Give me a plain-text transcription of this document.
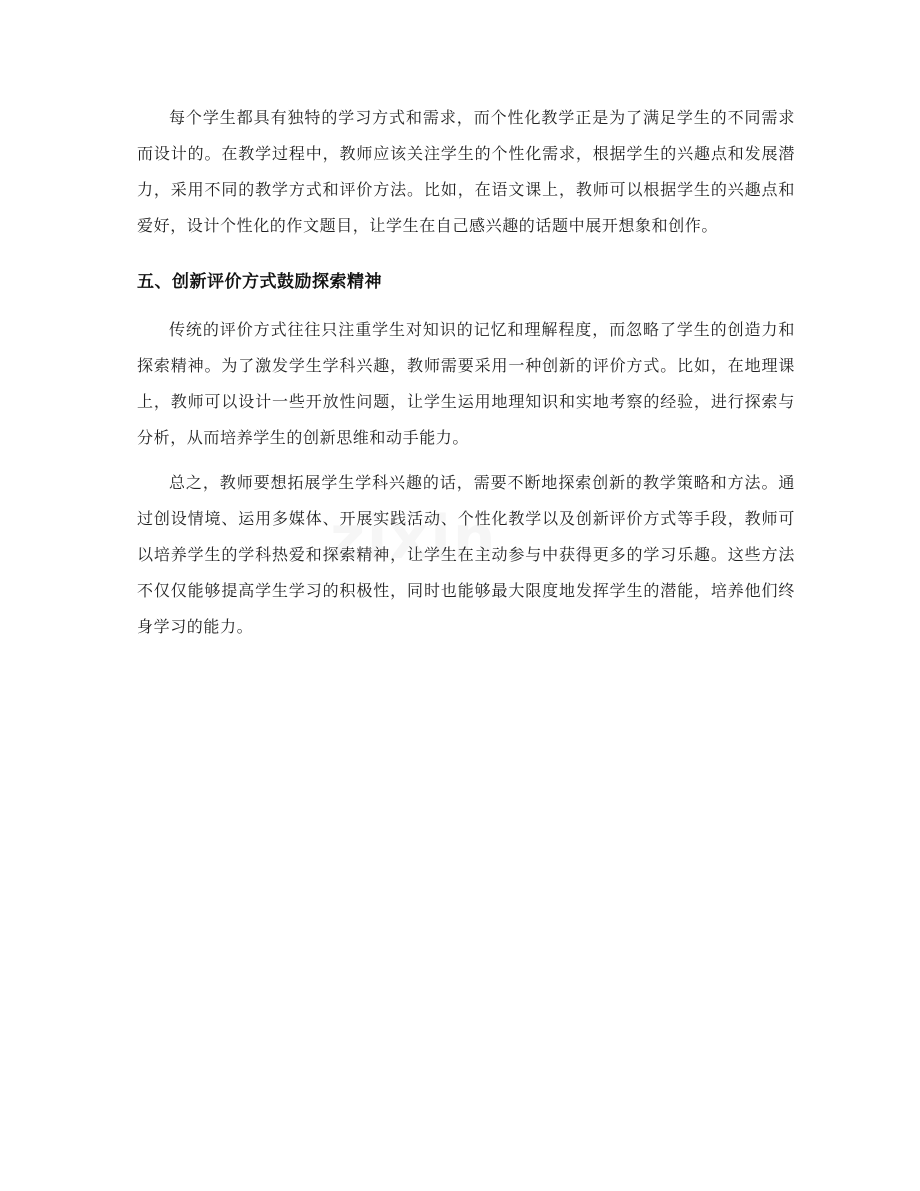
每个学生都具有独特的学习方式和需求，而个性化教学正是为了满足学生的不同需求而设计的。在教学过程中，教师应该关注学生的个性化需求，根据学生的兴趣点和发展潜力，采用不同的教学方式和评价方法。比如，在语文课上，教师可以根据学生的兴趣点和爱好，设计个性化的作文题目，让学生在自己感兴趣的话题中展开想象和创作。

五、创新评价方式鼓励探索精神

传统的评价方式往往只注重学生对知识的记忆和理解程度，而忽略了学生的创造力和探索精神。为了激发学生学科兴趣，教师需要采用一种创新的评价方式。比如，在地理课上，教师可以设计一些开放性问题，让学生运用地理知识和实地考察的经验，进行探索与分析，从而培养学生的创新思维和动手能力。

总之，教师要想拓展学生学科兴趣的话，需要不断地探索创新的教学策略和方法。通过创设情境、运用多媒体、开展实践活动、个性化教学以及创新评价方式等手段，教师可以培养学生的学科热爱和探索精神，让学生在主动参与中获得更多的学习乐趣。这些方法不仅仅能够提高学生学习的积极性，同时也能够最大限度地发挥学生的潜能，培养他们终身学习的能力。
